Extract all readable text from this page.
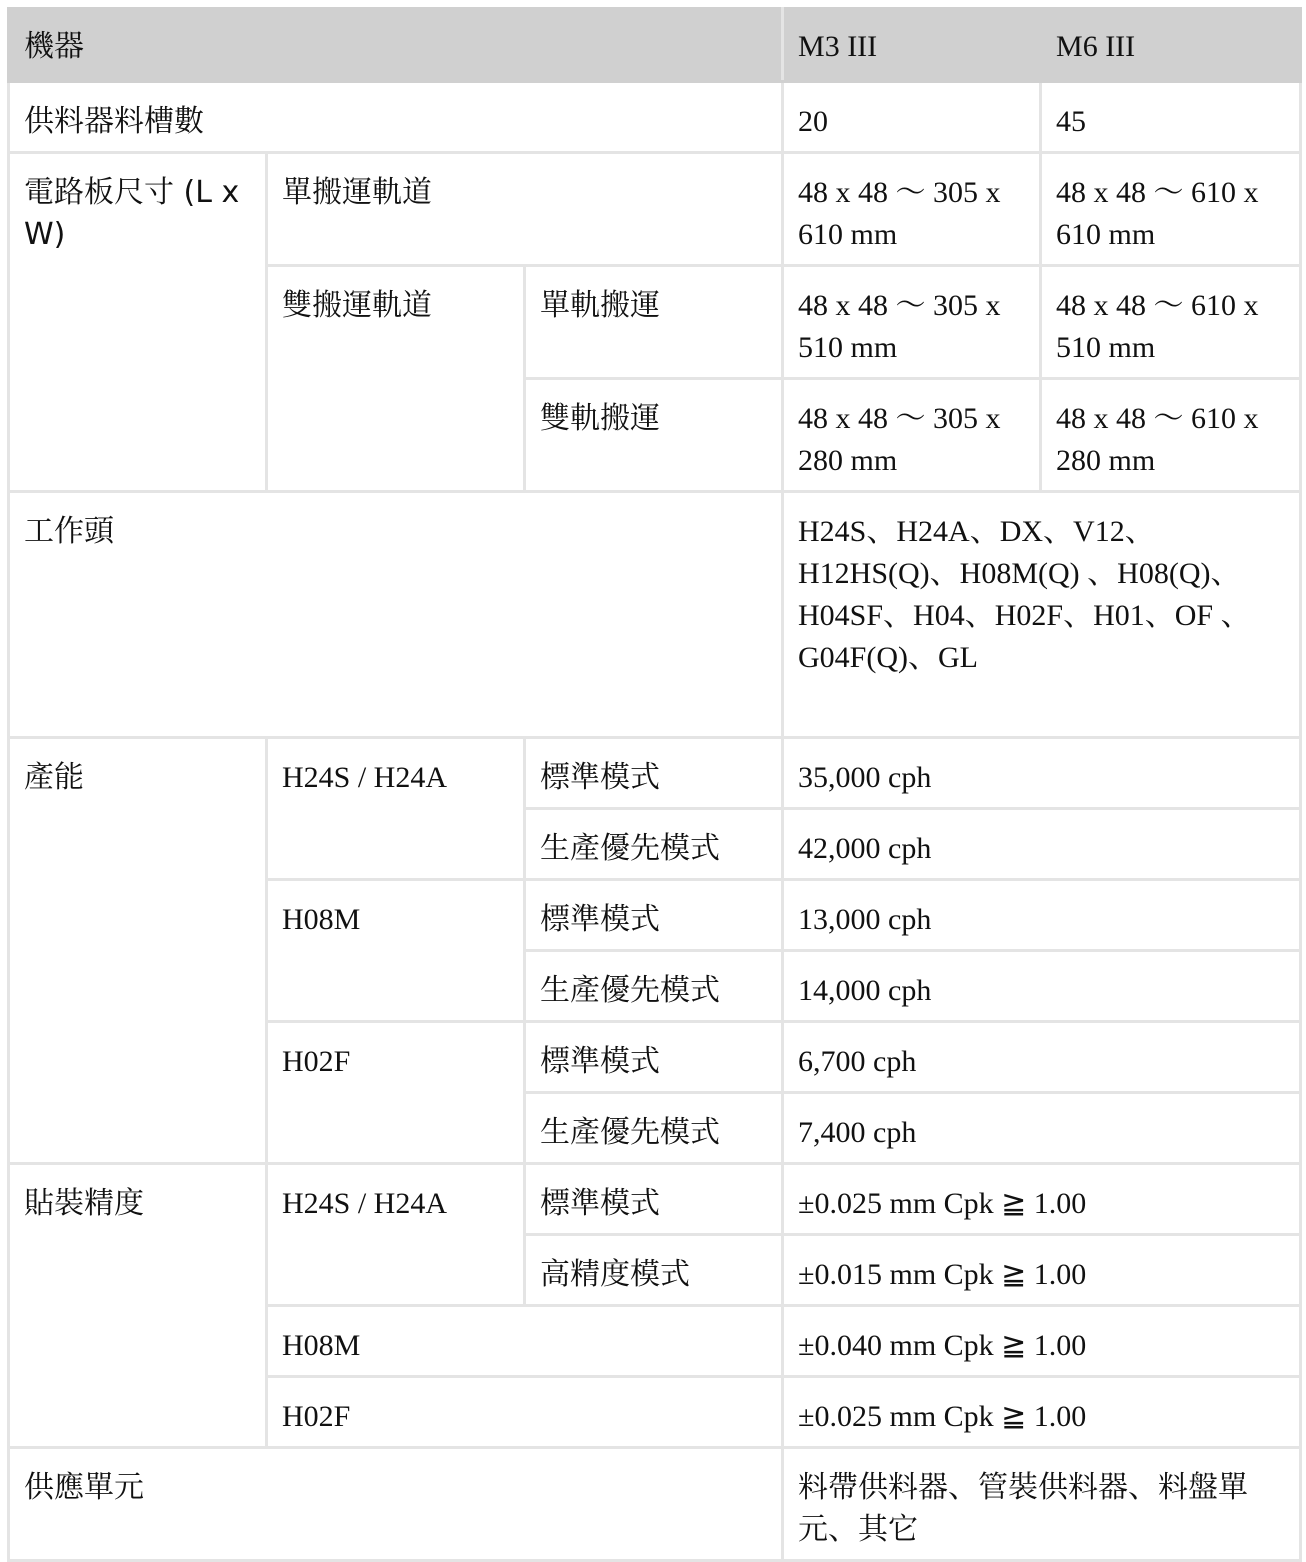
機器			M3 III	M6 III
供料器料槽數			20	45
電路板尺寸 (L x W)	單搬運軌道		48 x 48 ～ 305 x 610 mm	48 x 48 ～ 610 x 610 mm
	雙搬運軌道	單軌搬運	48 x 48 ～ 305 x 510 mm	48 x 48 ～ 610 x 510 mm
		雙軌搬運	48 x 48 ～ 305 x 280 mm	48 x 48 ～ 610 x 280 mm
工作頭			H24S、H24A、DX、V12、H12HS(Q)、H08M(Q) 、H08(Q)、 H04SF、H04、H02F、H01、OF 、G04F(Q)、GL	
產能	H24S / H24A	標準模式	35,000 cph	
		生產優先模式	42,000 cph	
	H08M	標準模式	13,000 cph	
		生產優先模式	14,000 cph	
	H02F	標準模式	6,700 cph	
		生產優先模式	7,400 cph	
貼裝精度	H24S / H24A	標準模式	±0.025 mm Cpk ≧ 1.00	
		高精度模式	±0.015 mm Cpk ≧ 1.00	
	H08M		±0.040 mm Cpk ≧ 1.00	
	H02F		±0.025 mm Cpk ≧ 1.00	
供應單元			料帶供料器、管裝供料器、料盤單元、其它	
